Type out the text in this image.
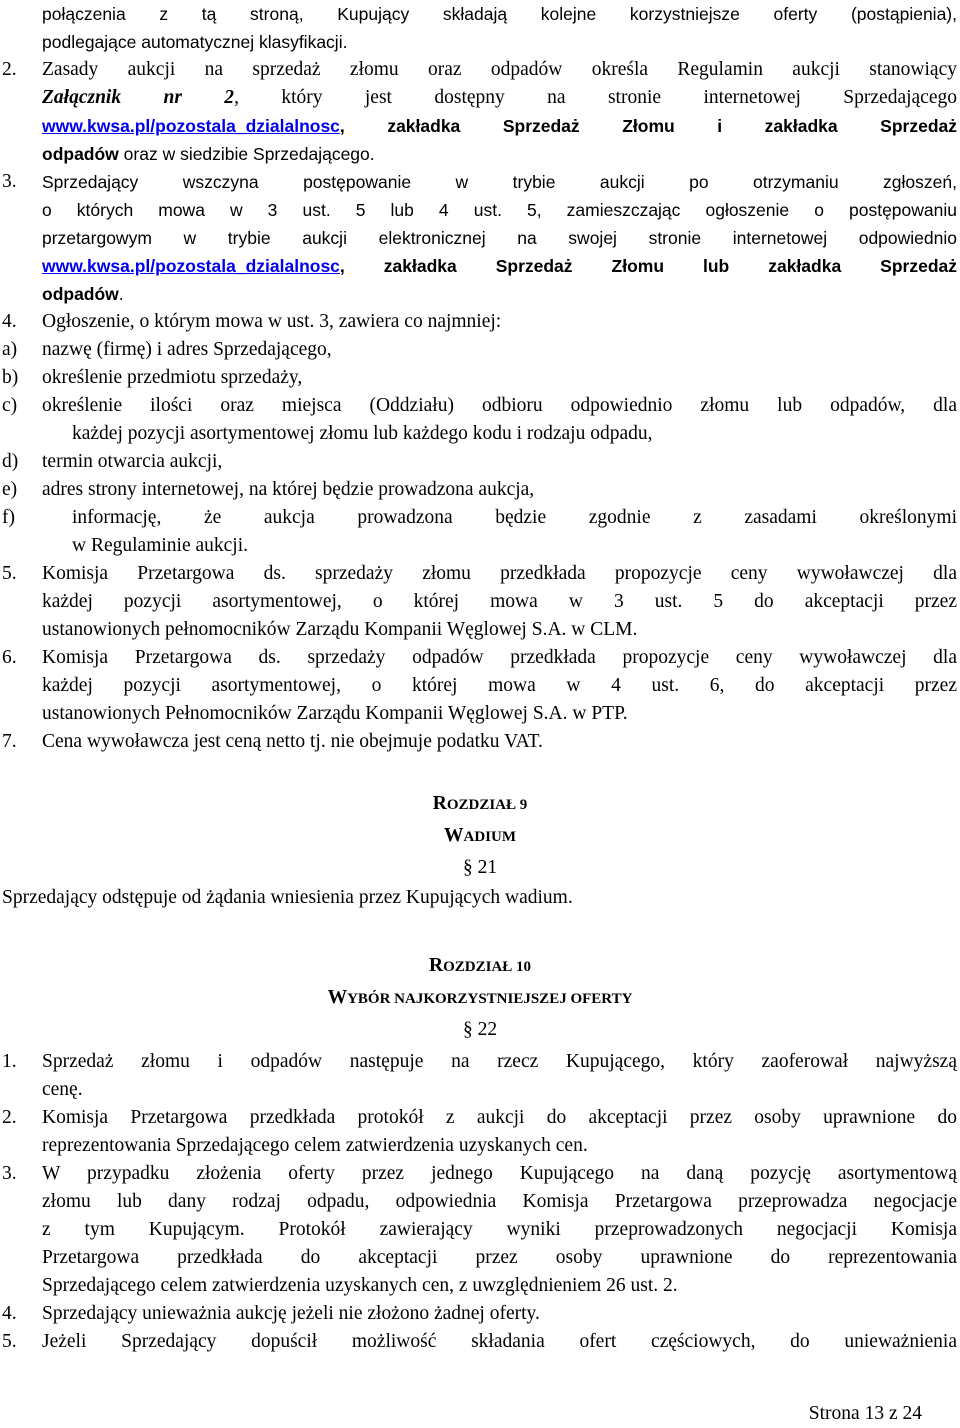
połączenia z tą stroną, Kupujący składają kolejne korzystniejsze oferty (postąpienia),
podlegające automatycznej klasyfikacji.
2. Zasady aukcji na sprzedaż złomu oraz odpadów określa Regulamin aukcji stanowiący
Załącznik nr 2, który jest dostępny na stronie internetowej Sprzedającego
www.kwsa.pl/pozostala_dzialalnosc, zakładka Sprzedaż Złomu i zakładka Sprzedaż
odpadów oraz w siedzibie Sprzedającego.
3. Sprzedający wszczyna postępowanie w trybie aukcji po otrzymaniu zgłoszeń,
o których mowa w 3 ust. 5 lub 4 ust. 5, zamieszczając ogłoszenie o postępowaniu
przetargowym w trybie aukcji elektronicznej na swojej stronie internetowej odpowiednio
www.kwsa.pl/pozostala_dzialalnosc, zakładka Sprzedaż Złomu lub zakładka Sprzedaż
odpadów.
4. Ogłoszenie, o którym mowa w ust. 3, zawiera co najmniej:
a) nazwę (firmę) i adres Sprzedającego,
b) określenie przedmiotu sprzedaży,
c) określenie ilości oraz miejsca (Oddziału) odbioru odpowiednio złomu lub odpadów, dla
każdej pozycji asortymentowej złomu lub każdego kodu i rodzaju odpadu,
d) termin otwarcia aukcji,
e) adres strony internetowej, na której będzie prowadzona aukcja,
f)	informację, że aukcja prowadzona będzie zgodnie z zasadami określonymi
w Regulaminie aukcji.
5. Komisja Przetargowa ds. sprzedaży złomu przedkłada propozycje ceny wywoławczej dla
każdej pozycji asortymentowej, o której mowa w 3 ust. 5 do akceptacji przez
ustanowionych pełnomocników Zarządu Kompanii Węglowej S.A. w CLM.
6. Komisja Przetargowa ds. sprzedaży odpadów przedkłada propozycje ceny wywoławczej dla
każdej pozycji asortymentowej, o której mowa w 4 ust. 6, do akceptacji przez
ustanowionych Pełnomocników Zarządu Kompanii Węglowej S.A. w PTP.
7. Cena wywoławcza jest ceną netto tj. nie obejmuje podatku VAT.
ROZDZIAŁ 9
WADIUM
§ 21
Sprzedający odstępuje od żądania wniesienia przez Kupujących wadium.
ROZDZIAŁ 10
WYBÓR NAJKORZYSTNIEJSZEJ OFERTY
§ 22
1. Sprzedaż złomu i odpadów następuje na rzecz Kupującego, który zaoferował najwyższą
cenę.
2. Komisja Przetargowa przedkłada protokół z aukcji do akceptacji przez osoby uprawnione do
reprezentowania Sprzedającego celem zatwierdzenia uzyskanych cen.
3. W przypadku złożenia oferty przez jednego Kupującego na daną pozycję asortymentową
złomu lub dany rodzaj odpadu, odpowiednia Komisja Przetargowa przeprowadza negocjacje
z tym Kupującym. Protokół zawierający wyniki przeprowadzonych negocjacji Komisja
Przetargowa przedkłada do akceptacji przez osoby uprawnione do reprezentowania
Sprzedającego celem zatwierdzenia uzyskanych cen, z uwzględnieniem 26 ust. 2.
4. Sprzedający unieważnia aukcję jeżeli nie złożono żadnej oferty.
5. Jeżeli Sprzedający dopuścił możliwość składania ofert częściowych, do unieważnienia
Strona 13 z 24
